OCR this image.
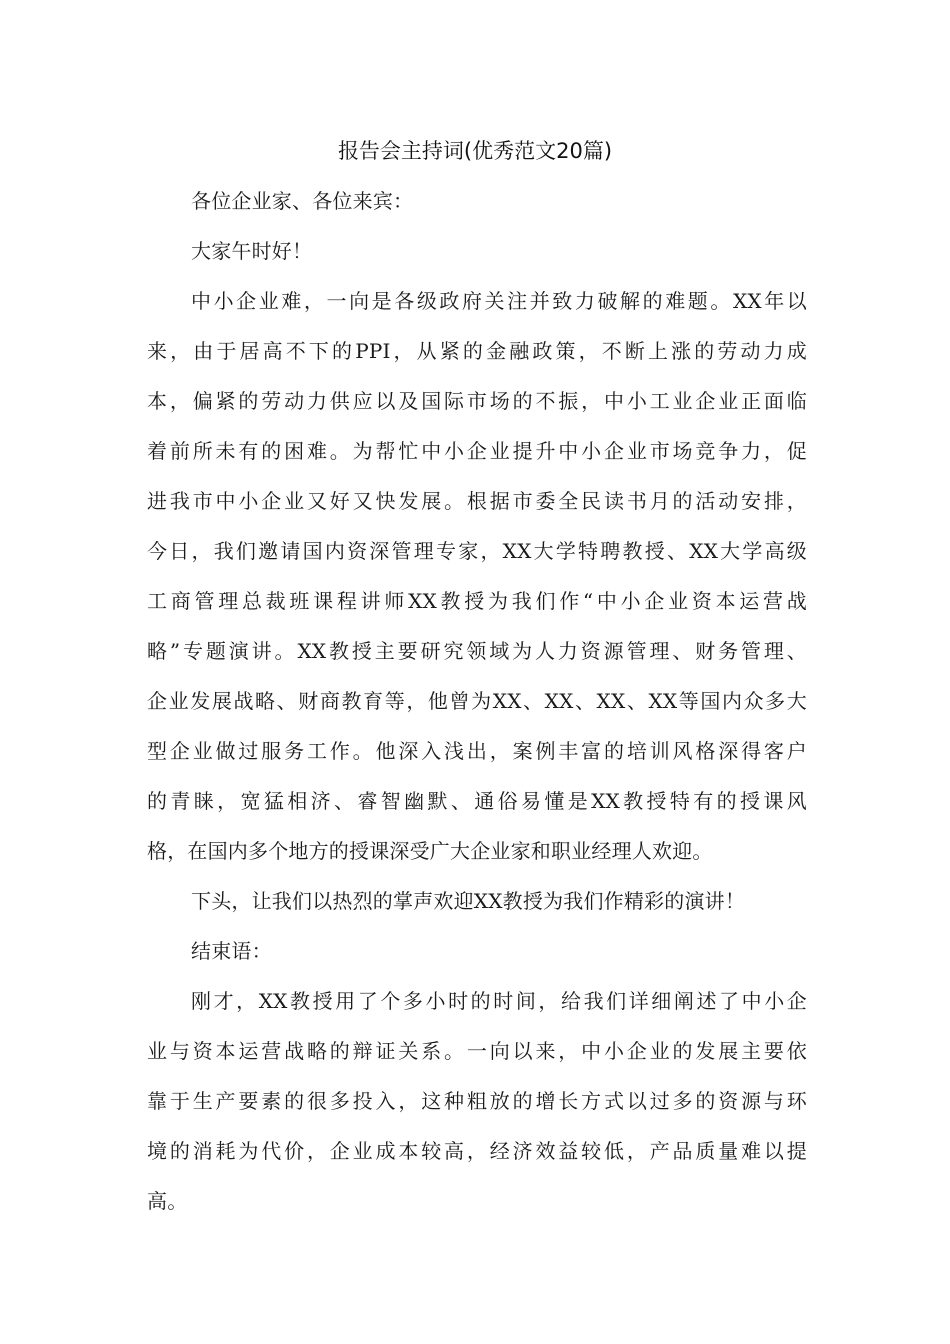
报告会主持词(优秀范文20篇)
各位企业家、各位来宾：
大家午时好！
中小企业难，一向是各级政府关注并致力破解的难题。XX年以
来，由于居高不下的PPI，从紧的金融政策，不断上涨的劳动力成
本，偏紧的劳动力供应以及国际市场的不振，中小工业企业正面临
着前所未有的困难。为帮忙中小企业提升中小企业市场竞争力，促
进我市中小企业又好又快发展。根据市委全民读书月的活动安排，
今日，我们邀请国内资深管理专家，XX大学特聘教授、XX大学高级
工商管理总裁班课程讲师XX教授为我们作“中小企业资本运营战
略”专题演讲。XX教授主要研究领域为人力资源管理、财务管理、
企业发展战略、财商教育等，他曾为XX、XX、XX、XX等国内众多大
型企业做过服务工作。他深入浅出，案例丰富的培训风格深得客户
的青睐，宽猛相济、睿智幽默、通俗易懂是XX教授特有的授课风
格，在国内多个地方的授课深受广大企业家和职业经理人欢迎。
下头，让我们以热烈的掌声欢迎XX教授为我们作精彩的演讲！
结束语：
刚才，XX教授用了个多小时的时间，给我们详细阐述了中小企
业与资本运营战略的辩证关系。一向以来，中小企业的发展主要依
靠于生产要素的很多投入，这种粗放的增长方式以过多的资源与环
境的消耗为代价，企业成本较高，经济效益较低，产品质量难以提
高。
